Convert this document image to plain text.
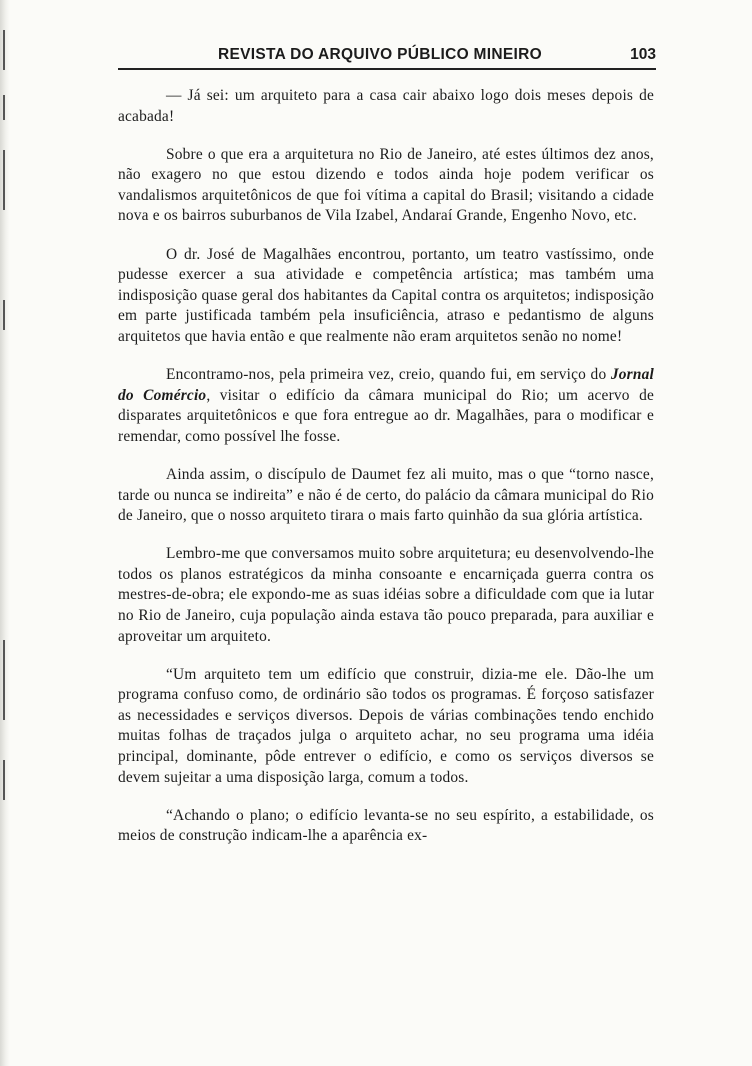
REVISTA DO ARQUIVO PÚBLICO MINEIRO	103

— Já sei: um arquiteto para a casa cair abaixo logo dois meses depois de acabada!

Sobre o que era a arquitetura no Rio de Janeiro, até estes últimos dez anos, não exagero no que estou dizendo e todos ainda hoje podem verificar os vandalismos arquitetônicos de que foi vítima a capital do Brasil; visitando a cidade nova e os bairros suburbanos de Vila Izabel, Andaraí Grande, Engenho Novo, etc.

O dr. José de Magalhães encontrou, portanto, um teatro vastíssimo, onde pudesse exercer a sua atividade e competência artística; mas também uma indisposição quase geral dos habitantes da Capital contra os arquitetos; indisposição em parte justificada também pela insuficiência, atraso e pedantismo de alguns arquitetos que havia então e que realmente não eram arquitetos senão no nome!

Encontramo-nos, pela primeira vez, creio, quando fui, em serviço do Jornal do Comércio, visitar o edifício da câmara municipal do Rio; um acervo de disparates arquitetônicos e que fora entregue ao dr. Magalhães, para o modificar e remendar, como possível lhe fosse.

Ainda assim, o discípulo de Daumet fez ali muito, mas o que “torno nasce, tarde ou nunca se indireita” e não é de certo, do palácio da câmara municipal do Rio de Janeiro, que o nosso arquiteto tirara o mais farto quinhão da sua glória artística.

Lembro-me que conversamos muito sobre arquitetura; eu desenvolvendo-lhe todos os planos estratégicos da minha consoante e encarniçada guerra contra os mestres-de-obra; ele expondo-me as suas idéias sobre a dificuldade com que ia lutar no Rio de Janeiro, cuja população ainda estava tão pouco preparada, para auxiliar e aproveitar um arquiteto.

“Um arquiteto tem um edifício que construir, dizia-me ele. Dão-lhe um programa confuso como, de ordinário são todos os programas. É forçoso satisfazer as necessidades e serviços diversos. Depois de várias combinações tendo enchido muitas folhas de traçados julga o arquiteto achar, no seu programa uma idéia principal, dominante, pôde entrever o edifício, e como os serviços diversos se devem sujeitar a uma disposição larga, comum a todos.

“Achando o plano; o edifício levanta-se no seu espírito, a estabilidade, os meios de construção indicam-lhe a aparência ex-
